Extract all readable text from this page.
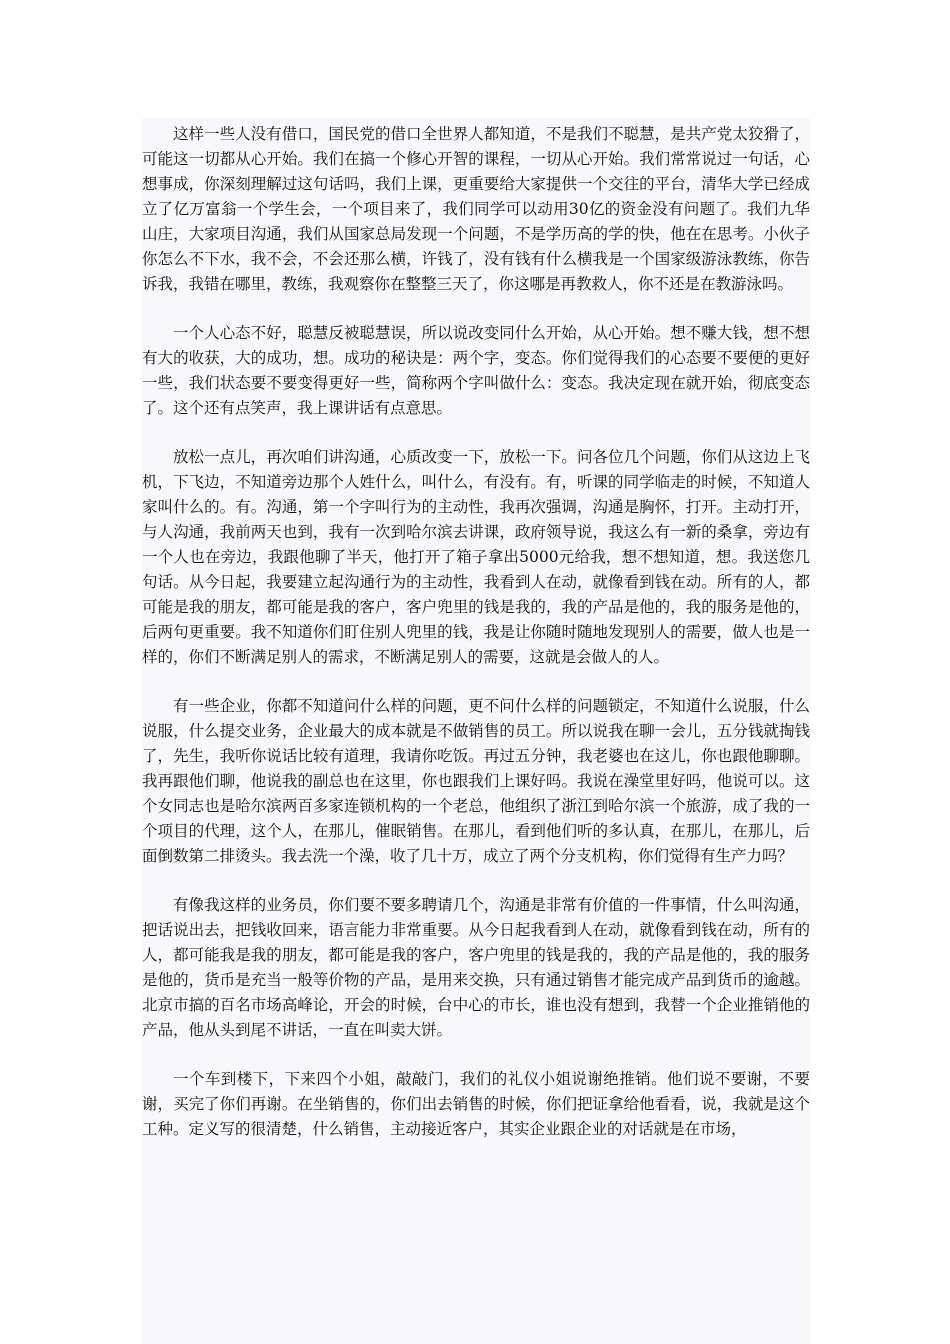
这样一些人没有借口，国民党的借口全世界人都知道，不是我们不聪慧，是共产党太狡猾了，可能这一切都从心开始。我们在搞一个修心开智的课程，一切从心开始。我们常常说过一句话，心想事成，你深刻理解过这句话吗，我们上课，更重要给大家提供一个交往的平台，清华大学已经成立了亿万富翁一个学生会，一个项目来了，我们同学可以动用30亿的资金没有问题了。我们九华山庄，大家项目沟通，我们从国家总局发现一个问题，不是学历高的学的快，他在在思考。小伙子你怎么不下水，我不会，不会还那么横，许钱了，没有钱有什么横我是一个国家级游泳教练，你告诉我，我错在哪里，教练，我观察你在整整三天了，你这哪是再教救人，你不还是在教游泳吗。

一个人心态不好，聪慧反被聪慧误，所以说改变同什么开始，从心开始。想不赚大钱，想不想有大的收获，大的成功，想。成功的秘诀是：两个字，变态。你们觉得我们的心态要不要便的更好一些，我们状态要不要变得更好一些，简称两个字叫做什么：变态。我决定现在就开始，彻底变态了。这个还有点笑声，我上课讲话有点意思。

放松一点儿，再次咱们讲沟通，心质改变一下，放松一下。问各位几个问题，你们从这边上飞机，下飞边，不知道旁边那个人姓什么，叫什么，有没有。有，听课的同学临走的时候，不知道人家叫什么的。有。沟通，第一个字叫行为的主动性，我再次强调，沟通是胸怀，打开。主动打开，与人沟通，我前两天也到，我有一次到哈尔滨去讲课，政府领导说，我这么有一新的桑拿，旁边有一个人也在旁边，我跟他聊了半天，他打开了箱子拿出5000元给我，想不想知道，想。我送您几句话。从今日起，我要建立起沟通行为的主动性，我看到人在动，就像看到钱在动。所有的人，都可能是我的朋友，都可能是我的客户，客户兜里的钱是我的，我的产品是他的，我的服务是他的，后两句更重要。我不知道你们盯住别人兜里的钱，我是让你随时随地发现别人的需要，做人也是一样的，你们不断满足别人的需求，不断满足别人的需要，这就是会做人的人。

有一些企业，你都不知道问什么样的问题，更不问什么样的问题锁定，不知道什么说服，什么说服，什么提交业务，企业最大的成本就是不做销售的员工。所以说我在聊一会儿，五分钱就掏钱了，先生，我听你说话比较有道理，我请你吃饭。再过五分钟，我老婆也在这儿，你也跟他聊聊。我再跟他们聊，他说我的副总也在这里，你也跟我们上课好吗。我说在澡堂里好吗，他说可以。这个女同志也是哈尔滨两百多家连锁机构的一个老总，他组织了浙江到哈尔滨一个旅游，成了我的一个项目的代理，这个人，在那儿，催眠销售。在那儿，看到他们听的多认真，在那儿，在那儿，后面倒数第二排烫头。我去洗一个澡，收了几十万，成立了两个分支机构，你们觉得有生产力吗？

有像我这样的业务员，你们要不要多聘请几个，沟通是非常有价值的一件事情，什么叫沟通，把话说出去，把钱收回来，语言能力非常重要。从今日起我看到人在动，就像看到钱在动，所有的人，都可能我是我的朋友，都可能是我的客户，客户兜里的钱是我的，我的产品是他的，我的服务是他的，货币是充当一般等价物的产品，是用来交换，只有通过销售才能完成产品到货币的逾越。北京市搞的百名市场高峰论，开会的时候，台中心的市长，谁也没有想到，我替一个企业推销他的产品，他从头到尾不讲话，一直在叫卖大饼。

一个车到楼下，下来四个小姐，敲敲门，我们的礼仪小姐说谢绝推销。他们说不要谢，不要谢，买完了你们再谢。在坐销售的，你们出去销售的时候，你们把证拿给他看看，说，我就是这个工种。定义写的很清楚，什么销售，主动接近客户，其实企业跟企业的对话就是在市场，
